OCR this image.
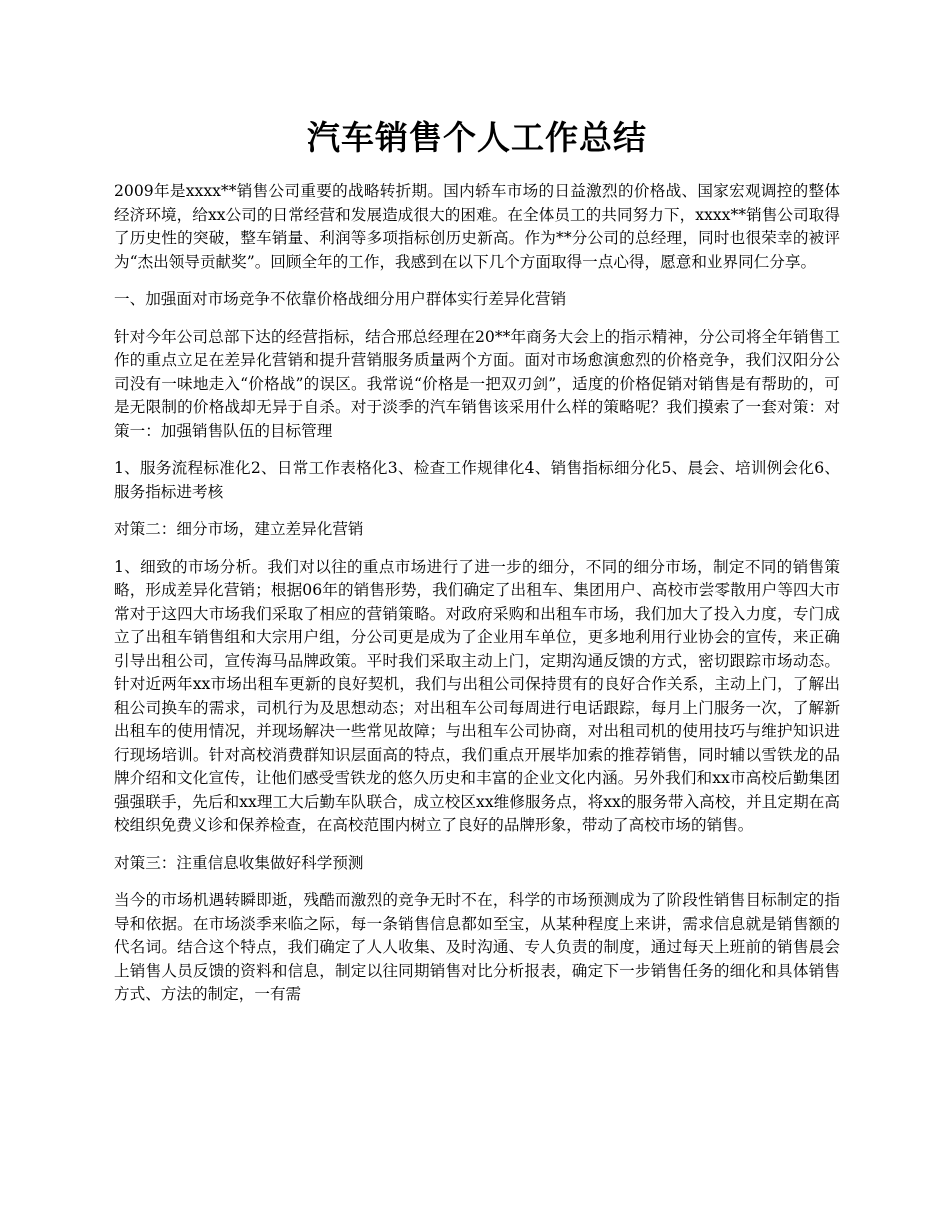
汽车销售个人工作总结

2009年是xxxx**销售公司重要的战略转折期。国内轿车市场的日益激烈的价格战、国家宏观调控的整体经济环境，给xx公司的日常经营和发展造成很大的困难。在全体员工的共同努力下，xxxx**销售公司取得了历史性的突破，整车销量、利润等多项指标创历史新高。作为**分公司的总经理，同时也很荣幸的被评为“杰出领导贡献奖”。回顾全年的工作，我感到在以下几个方面取得一点心得，愿意和业界同仁分享。

一、加强面对市场竞争不依靠价格战细分用户群体实行差异化营销

针对今年公司总部下达的经营指标，结合邢总经理在20**年商务大会上的指示精神，分公司将全年销售工作的重点立足在差异化营销和提升营销服务质量两个方面。面对市场愈演愈烈的价格竞争，我们汉阳分公司没有一味地走入“价格战”的误区。我常说“价格是一把双刃剑”，适度的价格促销对销售是有帮助的，可是无限制的价格战却无异于自杀。对于淡季的汽车销售该采用什么样的策略呢？我们摸索了一套对策：对策一：加强销售队伍的目标管理

1、服务流程标准化2、日常工作表格化3、检查工作规律化4、销售指标细分化5、晨会、培训例会化6、服务指标进考核

对策二：细分市场，建立差异化营销

1、细致的市场分析。我们对以往的重点市场进行了进一步的细分，不同的细分市场，制定不同的销售策略，形成差异化营销；根据06年的销售形势，我们确定了出租车、集团用户、高校市尝零散用户等四大市常对于这四大市场我们采取了相应的营销策略。对政府采购和出租车市场，我们加大了投入力度，专门成立了出租车销售组和大宗用户组，分公司更是成为了企业用车单位，更多地利用行业协会的宣传，来正确引导出租公司，宣传海马品牌政策。平时我们采取主动上门，定期沟通反馈的方式，密切跟踪市场动态。针对近两年xx市场出租车更新的良好契机，我们与出租公司保持贯有的良好合作关系，主动上门，了解出租公司换车的需求，司机行为及思想动态；对出租车公司每周进行电话跟踪，每月上门服务一次，了解新出租车的使用情况，并现场解决一些常见故障；与出租车公司协商，对出租司机的使用技巧与维护知识进行现场培训。针对高校消费群知识层面高的特点，我们重点开展毕加索的推荐销售，同时辅以雪铁龙的品牌介绍和文化宣传，让他们感受雪铁龙的悠久历史和丰富的企业文化内涵。另外我们和xx市高校后勤集团强强联手，先后和xx理工大后勤车队联合，成立校区xx维修服务点，将xx的服务带入高校，并且定期在高校组织免费义诊和保养检查，在高校范围内树立了良好的品牌形象，带动了高校市场的销售。

对策三：注重信息收集做好科学预测

当今的市场机遇转瞬即逝，残酷而激烈的竞争无时不在，科学的市场预测成为了阶段性销售目标制定的指导和依据。在市场淡季来临之际，每一条销售信息都如至宝，从某种程度上来讲，需求信息就是销售额的代名词。结合这个特点，我们确定了人人收集、及时沟通、专人负责的制度，通过每天上班前的销售晨会上销售人员反馈的资料和信息，制定以往同期销售对比分析报表，确定下一步销售任务的细化和具体销售方式、方法的制定，一有需
